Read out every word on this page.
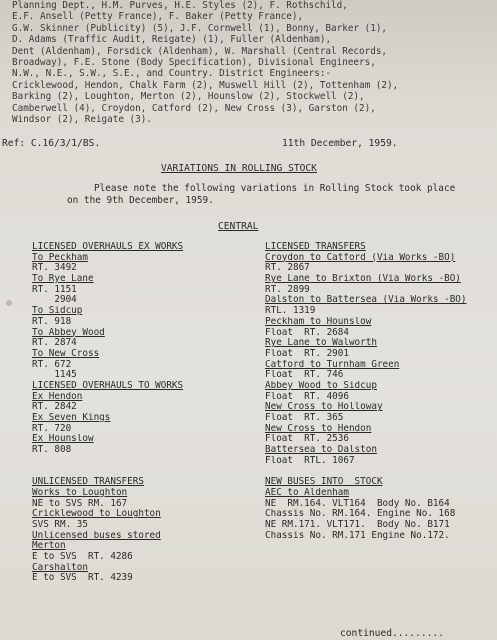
Planning Dept., H.M. Purves, H.E. Styles (2), F. Rothschild,
E.F. Ansell (Petty France), F. Baker (Petty France),
G.W. Skinner (Publicity) (5), J.F. Cornwell (1), Bonny, Barker (1),
D. Adams (Traffic Audit, Reigate) (1), Fuller (Aldenham),
Dent (Aldenham), Forsdick (Aldenham), W. Marshall (Central Records,
Broadway), F.E. Stone (Body Specification), Divisional Engineers,
N.W., N.E., S.W., S.E., and Country. District Engineers:-
Cricklewood, Hendon, Chalk Farm (2), Muswell Hill (2), Tottenham (2),
Barking (2), Loughton, Merton (2), Hounslow (2), Stockwell (2),
Camberwell (4), Croydon, Catford (2), New Cross (3), Garston (2),
Windsor (2), Reigate (3).
Ref: C.16/3/1/BS.	11th December, 1959.
VARIATIONS IN ROLLING STOCK
Please note the following variations in Rolling Stock took place
on the 9th December, 1959.
CENTRAL
LICENSED OVERHAULS EX WORKS
To Peckham
RT. 3492
To Rye Lane
RT. 1151
2904
To Sidcup
RT. 918
To Abbey Wood
RT. 2874
To New Cross
RT. 672
1145
LICENSED OVERHAULS TO WORKS
Ex Hendon
RT. 2842
Ex Seven Kings
RT. 720
Ex Hounslow
RT. 808
UNLICENSED TRANSFERS
Works to Loughton
NE to SVS RM. 167
Cricklewood to Loughton
SVS RM. 35
Unlicensed buses stored
Merton
E to SVS  RT. 4286
Carshalton
E to SVS  RT. 4239
LICENSED TRANSFERS
Croydon to Catford (Via Works -BO)
RT. 2867
Rye Lane to Brixton (Via Works -BO)
RT. 2899
Dalston to Battersea (Via Works -BO)
RTL. 1319
Peckham to Hounslow
Float  RT. 2684
Rye Lane to Walworth
Float  RT. 2901
Catford to Turnham Green
Float  RT. 746
Abbey Wood to Sidcup
Float  RT. 4096
New Cross to Holloway
Float  RT. 365
New Cross to Hendon
Float  RT. 2536
Battersea to Dalston
Float  RTL. 1067
NEW BUSES INTO  STOCK
AEC to Aldenham
NE  RM.164. VLT164  Body No. B164
Chassis No. RM.164. Engine No. 168
NE RM.171. VLT171.  Body No. B171
Chassis No. RM.171 Engine No.172.
continued.........
